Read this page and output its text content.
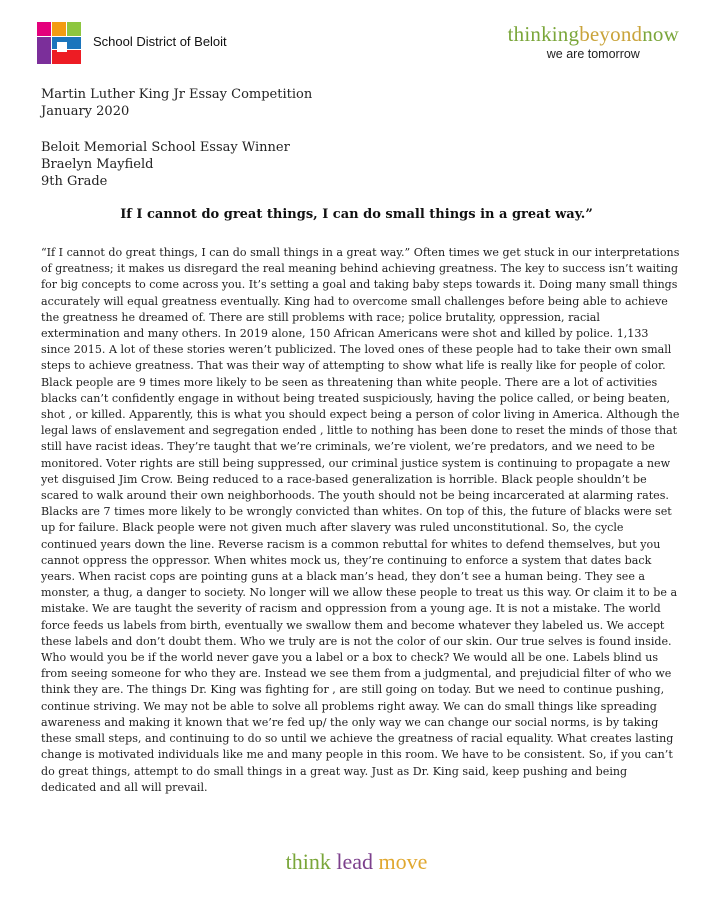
School District of Beloit	thinkingbeyondnow
we are tomorrow
Martin Luther King Jr Essay Competition
January 2020
Beloit Memorial School Essay Winner
Braelyn Mayfield
9th Grade
If I cannot do great things, I can do small things in a great way.”
“If I cannot do great things, I can do small things in a great way.” Often times we get stuck in our interpretations
of greatness; it makes us disregard the real meaning behind achieving greatness. The key to success isn’t waiting
for big concepts to come across you. It’s setting a goal and taking baby steps towards it. Doing many small things
accurately will equal greatness eventually. King had to overcome small challenges before being able to achieve
the greatness he dreamed of. There are still problems with race; police brutality, oppression, racial
extermination and many others. In 2019 alone, 150 African Americans were shot and killed by police. 1,133
since 2015. A lot of these stories weren’t publicized. The loved ones of these people had to take their own small
steps to achieve greatness. That was their way of attempting to show what life is really like for people of color.
Black people are 9 times more likely to be seen as threatening than white people. There are a lot of activities
blacks can’t confidently engage in without being treated suspiciously, having the police called, or being beaten,
shot , or killed. Apparently, this is what you should expect being a person of color living in America. Although the
legal laws of enslavement and segregation ended , little to nothing has been done to reset the minds of those that
still have racist ideas. They’re taught that we’re criminals, we’re violent, we’re predators, and we need to be
monitored. Voter rights are still being suppressed, our criminal justice system is continuing to propagate a new
yet disguised Jim Crow. Being reduced to a race-based generalization is horrible. Black people shouldn’t be
scared to walk around their own neighborhoods. The youth should not be being incarcerated at alarming rates.
Blacks are 7 times more likely to be wrongly convicted than whites. On top of this, the future of blacks were set
up for failure. Black people were not given much after slavery was ruled unconstitutional. So, the cycle
continued years down the line. Reverse racism is a common rebuttal for whites to defend themselves, but you
cannot oppress the oppressor. When whites mock us, they’re continuing to enforce a system that dates back
years. When racist cops are pointing guns at a black man’s head, they don’t see a human being. They see a
monster, a thug, a danger to society. No longer will we allow these people to treat us this way. Or claim it to be a
mistake. We are taught the severity of racism and oppression from a young age. It is not a mistake. The world
force feeds us labels from birth, eventually we swallow them and become whatever they labeled us. We accept
these labels and don’t doubt them. Who we truly are is not the color of our skin. Our true selves is found inside.
Who would you be if the world never gave you a label or a box to check? We would all be one. Labels blind us
from seeing someone for who they are. Instead we see them from a judgmental, and prejudicial filter of who we
think they are. The things Dr. King was fighting for , are still going on today. But we need to continue pushing,
continue striving. We may not be able to solve all problems right away. We can do small things like spreading
awareness and making it known that we’re fed up/ the only way we can change our social norms, is by taking
these small steps, and continuing to do so until we achieve the greatness of racial equality. What creates lasting
change is motivated individuals like me and many people in this room. We have to be consistent. So, if you can’t
do great things, attempt to do small things in a great way. Just as Dr. King said, keep pushing and being
dedicated and all will prevail.
think lead move
